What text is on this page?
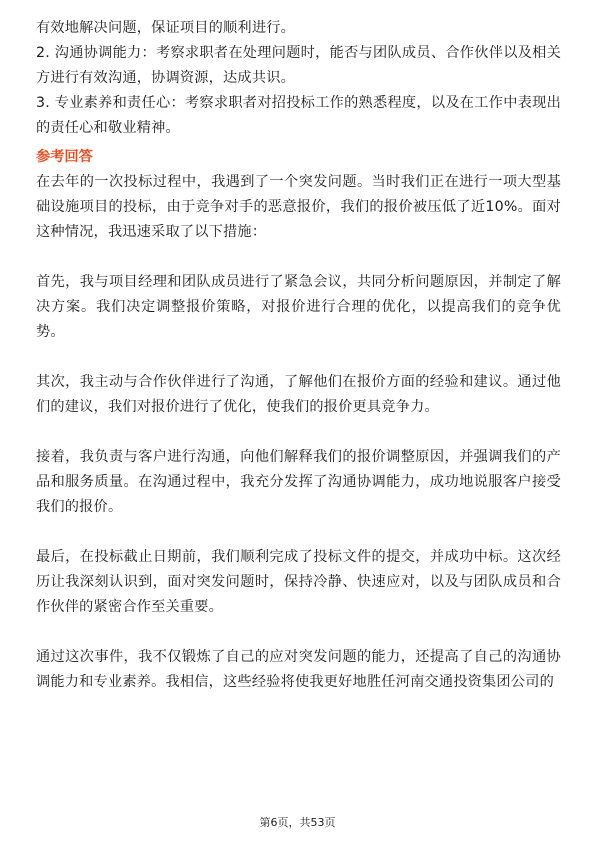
有效地解决问题，保证项目的顺利进行。

2. 沟通协调能力：考察求职者在处理问题时，能否与团队成员、合作伙伴以及相关方进行有效沟通，协调资源，达成共识。

3. 专业素养和责任心：考察求职者对招投标工作的熟悉程度，以及在工作中表现出的责任心和敬业精神。

参考回答

在去年的一次投标过程中，我遇到了一个突发问题。当时我们正在进行一项大型基础设施项目的投标，由于竞争对手的恶意报价，我们的报价被压低了近10%。面对这种情况，我迅速采取了以下措施：

首先，我与项目经理和团队成员进行了紧急会议，共同分析问题原因，并制定了解决方案。我们决定调整报价策略，对报价进行合理的优化，以提高我们的竞争优势。

其次，我主动与合作伙伴进行了沟通，了解他们在报价方面的经验和建议。通过他们的建议，我们对报价进行了优化，使我们的报价更具竞争力。

接着，我负责与客户进行沟通，向他们解释我们的报价调整原因，并强调我们的产品和服务质量。在沟通过程中，我充分发挥了沟通协调能力，成功地说服客户接受我们的报价。

最后，在投标截止日期前，我们顺利完成了投标文件的提交，并成功中标。这次经历让我深刻认识到，面对突发问题时，保持冷静、快速应对，以及与团队成员和合作伙伴的紧密合作至关重要。

通过这次事件，我不仅锻炼了自己的应对突发问题的能力，还提高了自己的沟通协调能力和专业素养。我相信，这些经验将使我更好地胜任河南交通投资集团公司的

第6页，共53页
